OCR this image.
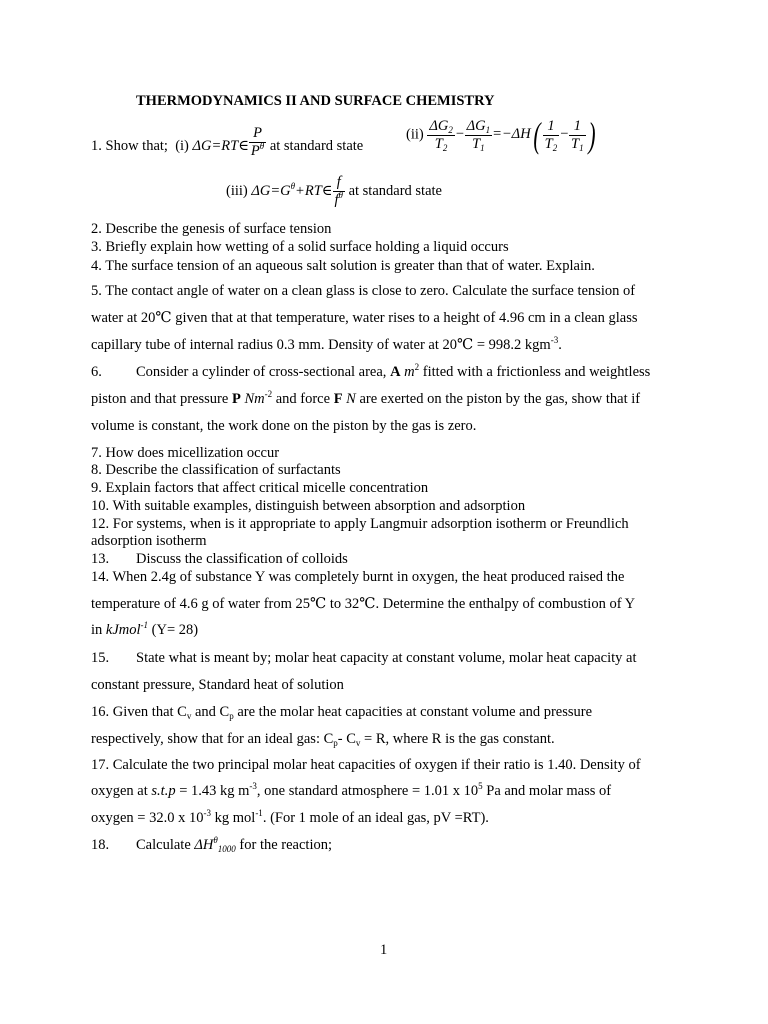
THERMODYNAMICS II AND SURFACE CHEMISTRY
1. Show that; (i) ΔG=RT∈ $\frac{P}{P^\theta}$ at standard state
$(ii) \frac{\Delta G_2}{T_2} - \frac{\Delta G_1}{T_1} =-\Delta H( \frac{1}{T_2} - \frac{1}{T_1}$ )
(iii) $\Delta G=G^\theta+RT\in \frac{f}{f^\theta}$ at standard state
2. Describe the genesis of surface tension
3. Briefly explain how wetting of a solid surface holding a liquid occurs
4. The surface tension of an aqueous salt solution is greater than that of water. Explain.
5. The contact angle of water on a clean glass is close to zero. Calculate the surface tension of
water at 20℃ given that at that temperature, water rises to a height of 4.96 cm in a clean glass
capillary tube of internal radius 0.3 mm. Density of water at 20℃ = 998.2 kgm$^{-3}$.
6. Consider a cylinder of cross-sectional area, A $m^2$ fitted with a frictionless and weightless
piston and that pressure P $Nm^{-2}$ and force F N are exerted on the piston by the gas, show that if
volume is constant, the work done on the piston by the gas is zero.
7. How does micellization occur
8. Describe the classification of surfactants
9. Explain factors that affect critical micelle concentration
10. With suitable examples, distinguish between absorption and adsorption
12. For systems, when is it appropriate to apply Langmuir adsorption isotherm or Freundlich
adsorption isotherm
13. Discuss the classification of colloids
14. When 2.4g of substance Y was completely burnt in oxygen, the heat produced raised the
temperature of 4.6 g of water from 25℃ to 32℃. Determine the enthalpy of combustion of Y
in kJmol$^{-1}$ (Y= 28)
15. State what is meant by; molar heat capacity at constant volume, molar heat capacity at
constant pressure, Standard heat of solution
16. Given that $C_v$ and $C_p$ are the molar heat capacities at constant volume and pressure
respectively, show that for an ideal gas: $C_p-$ $C_v = R$, where R is the gas constant.
17. Calculate the two principal molar heat capacities of oxygen if their ratio is 1.40. Density of
oxygen at s.t.p = 1.43 kg $m^{-3}$, one standard atmosphere = 1.01 x $10^5$ Pa and molar mass of
oxygen = 32.0 x $10^{-3}$ kg mol$^{-1}$. (For 1 mole of an ideal gas, pV =RT).
18. Calculate $\Delta H^\theta_{1000}$ for the reaction;
1
